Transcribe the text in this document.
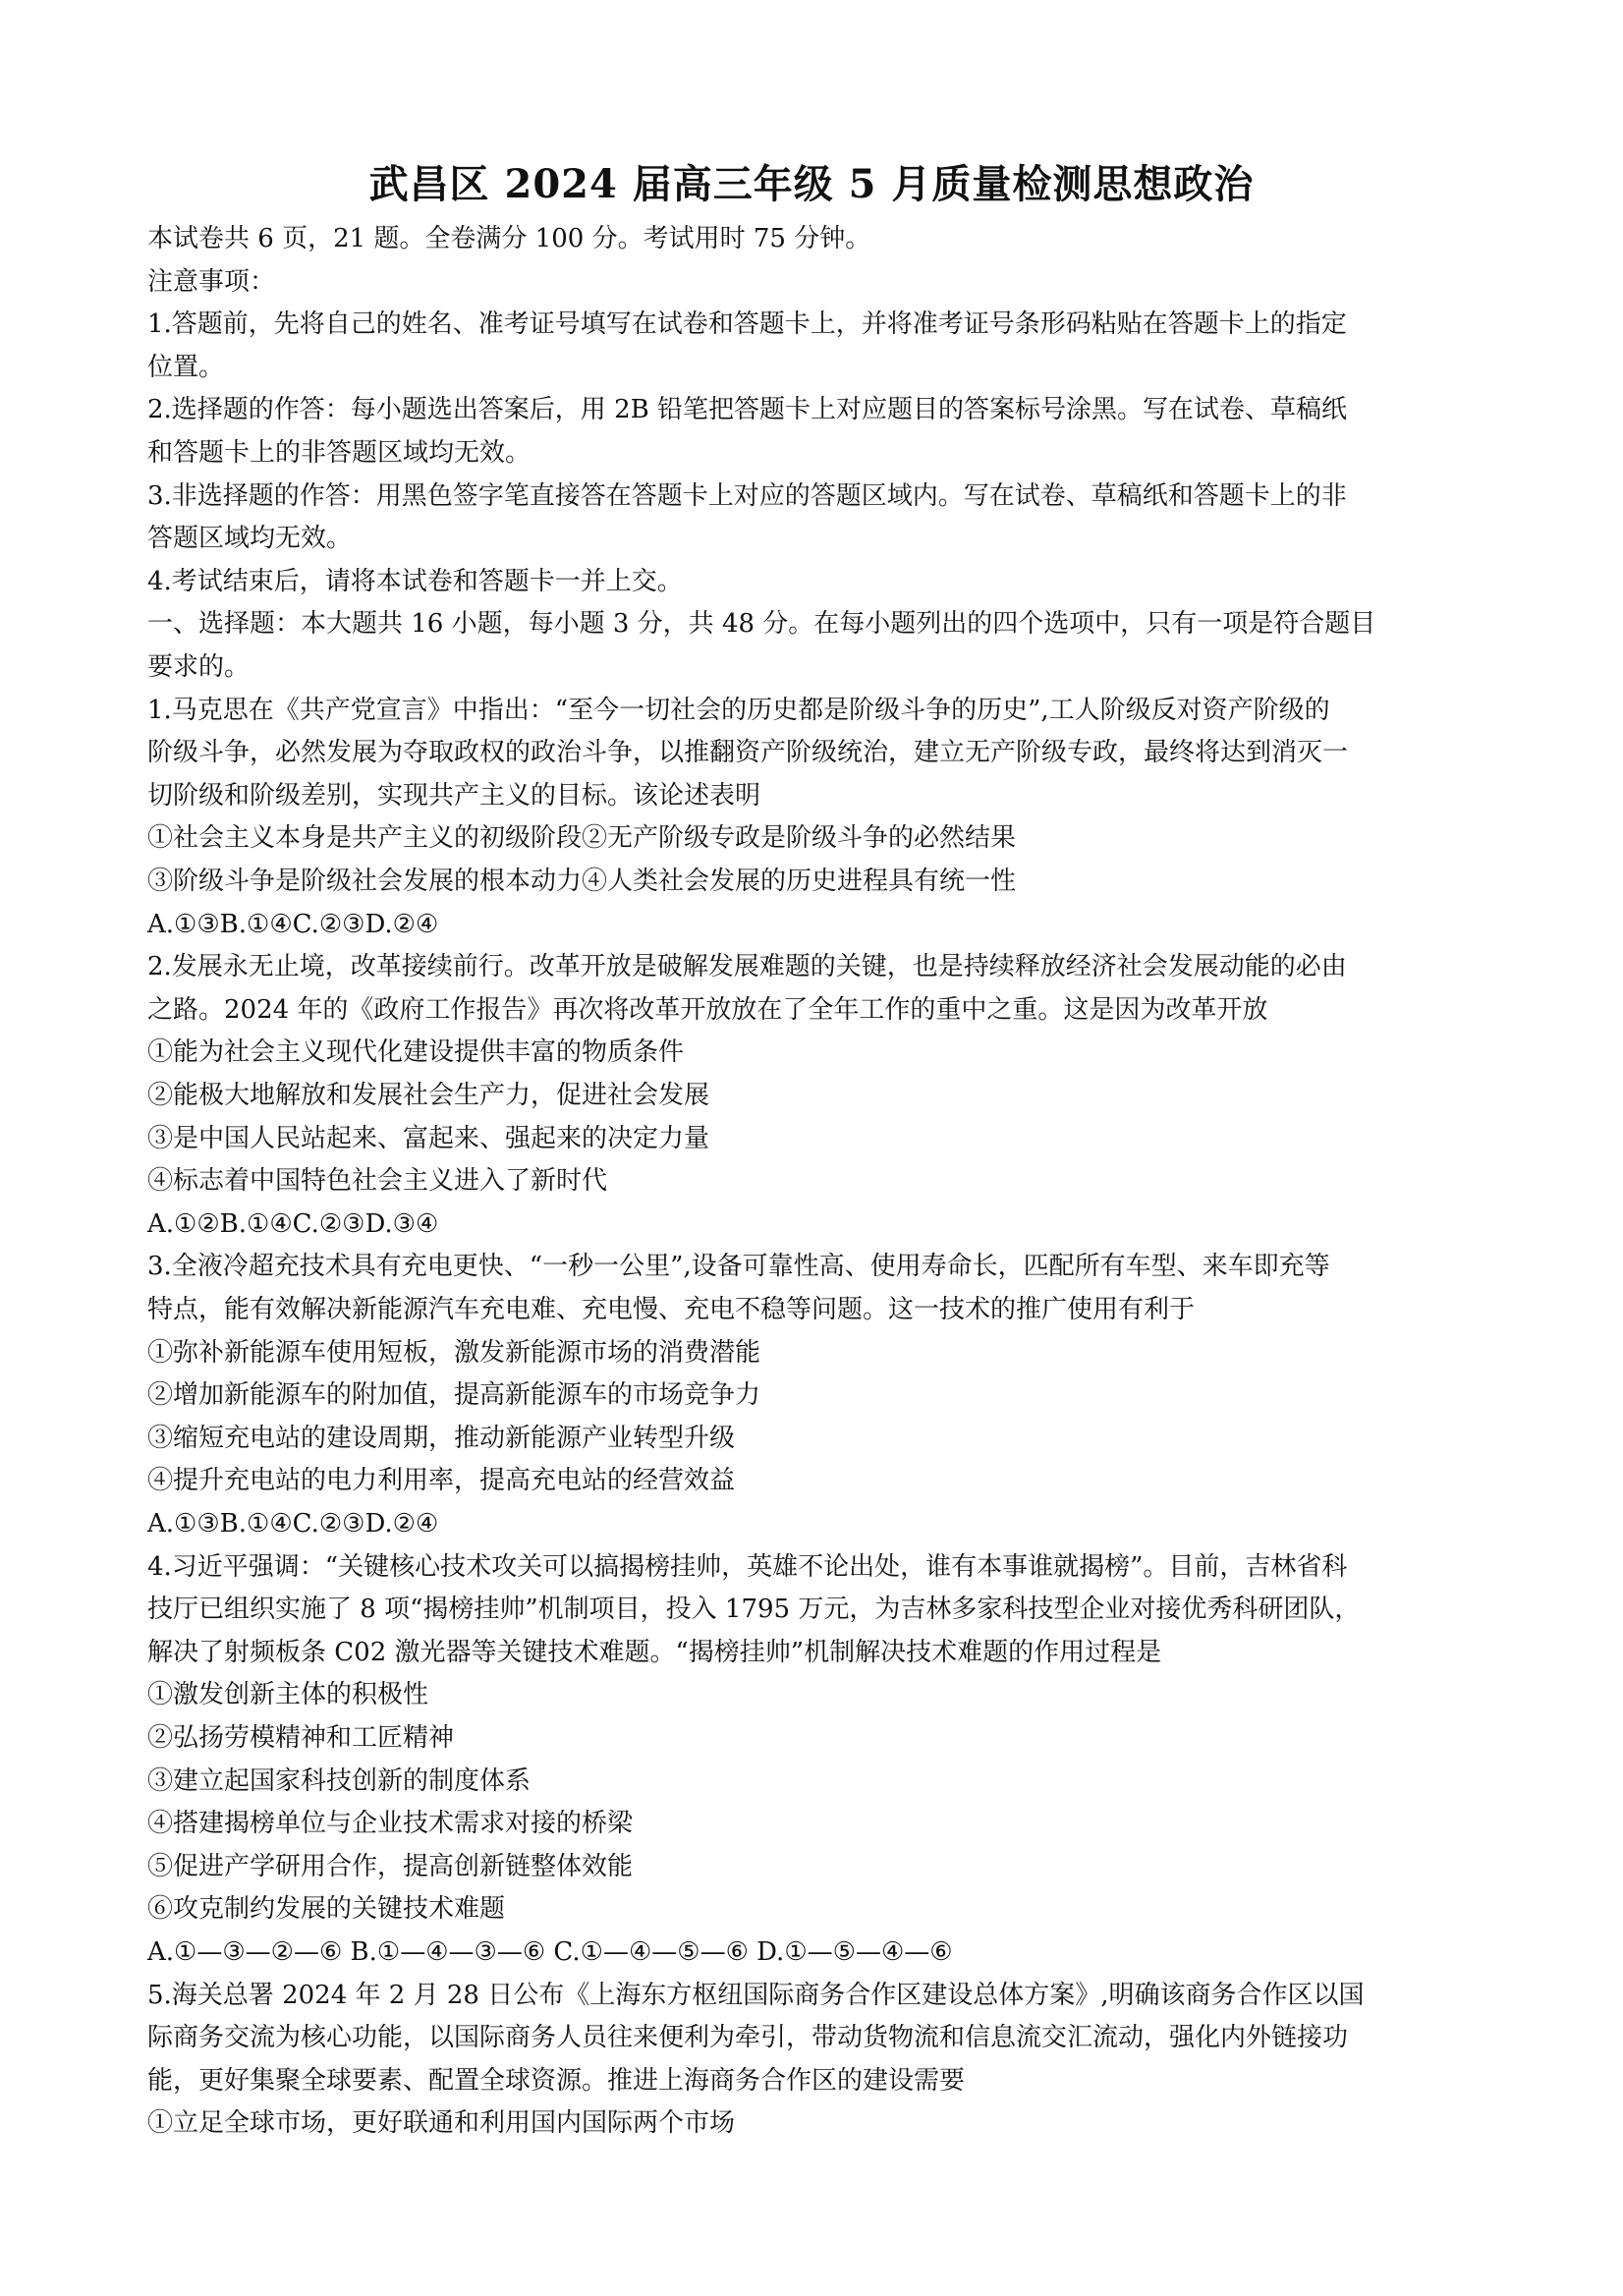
武昌区 2024 届高三年级 5 月质量检测思想政治
本试卷共 6 页，21 题。全卷满分 100 分。考试用时 75 分钟。
注意事项：
1.答题前，先将自己的姓名、准考证号填写在试卷和答题卡上，并将准考证号条形码粘贴在答题卡上的指定
位置。
2.选择题的作答：每小题选出答案后，用 2B 铅笔把答题卡上对应题目的答案标号涂黑。写在试卷、草稿纸
和答题卡上的非答题区域均无效。
3.非选择题的作答：用黑色签字笔直接答在答题卡上对应的答题区域内。写在试卷、草稿纸和答题卡上的非
答题区域均无效。
4.考试结束后，请将本试卷和答题卡一并上交。
一、选择题：本大题共 16 小题，每小题 3 分，共 48 分。在每小题列出的四个选项中，只有一项是符合题目
要求的。
1.马克思在《共产党宣言》中指出：“至今一切社会的历史都是阶级斗争的历史”,工人阶级反对资产阶级的
阶级斗争，必然发展为夺取政权的政治斗争，以推翻资产阶级统治，建立无产阶级专政，最终将达到消灭一
切阶级和阶级差别，实现共产主义的目标。该论述表明
①社会主义本身是共产主义的初级阶段②无产阶级专政是阶级斗争的必然结果
③阶级斗争是阶级社会发展的根本动力④人类社会发展的历史进程具有统一性
A.①③B.①④C.②③D.②④
2.发展永无止境，改革接续前行。改革开放是破解发展难题的关键，也是持续释放经济社会发展动能的必由
之路。2024 年的《政府工作报告》再次将改革开放放在了全年工作的重中之重。这是因为改革开放
①能为社会主义现代化建设提供丰富的物质条件
②能极大地解放和发展社会生产力，促进社会发展
③是中国人民站起来、富起来、强起来的决定力量
④标志着中国特色社会主义进入了新时代
A.①②B.①④C.②③D.③④
3.全液冷超充技术具有充电更快、“一秒一公里”,设备可靠性高、使用寿命长，匹配所有车型、来车即充等
特点，能有效解决新能源汽车充电难、充电慢、充电不稳等问题。这一技术的推广使用有利于
①弥补新能源车使用短板，激发新能源市场的消费潜能
②增加新能源车的附加值，提高新能源车的市场竞争力
③缩短充电站的建设周期，推动新能源产业转型升级
④提升充电站的电力利用率，提高充电站的经营效益
A.①③B.①④C.②③D.②④
4.习近平强调：“关键核心技术攻关可以搞揭榜挂帅，英雄不论出处，谁有本事谁就揭榜”。目前，吉林省科
技厅已组织实施了 8 项“揭榜挂帅”机制项目，投入 1795 万元，为吉林多家科技型企业对接优秀科研团队，
解决了射频板条 C02 激光器等关键技术难题。“揭榜挂帅”机制解决技术难题的作用过程是
①激发创新主体的积极性
②弘扬劳模精神和工匠精神
③建立起国家科技创新的制度体系
④搭建揭榜单位与企业技术需求对接的桥梁
⑤促进产学研用合作，提高创新链整体效能
⑥攻克制约发展的关键技术难题
A.①—③—②—⑥ B.①—④—③—⑥ C.①—④—⑤—⑥ D.①—⑤—④—⑥
5.海关总署 2024 年 2 月 28 日公布《上海东方枢纽国际商务合作区建设总体方案》,明确该商务合作区以国
际商务交流为核心功能，以国际商务人员往来便利为牵引，带动货物流和信息流交汇流动，强化内外链接功
能，更好集聚全球要素、配置全球资源。推进上海商务合作区的建设需要
①立足全球市场，更好联通和利用国内国际两个市场
